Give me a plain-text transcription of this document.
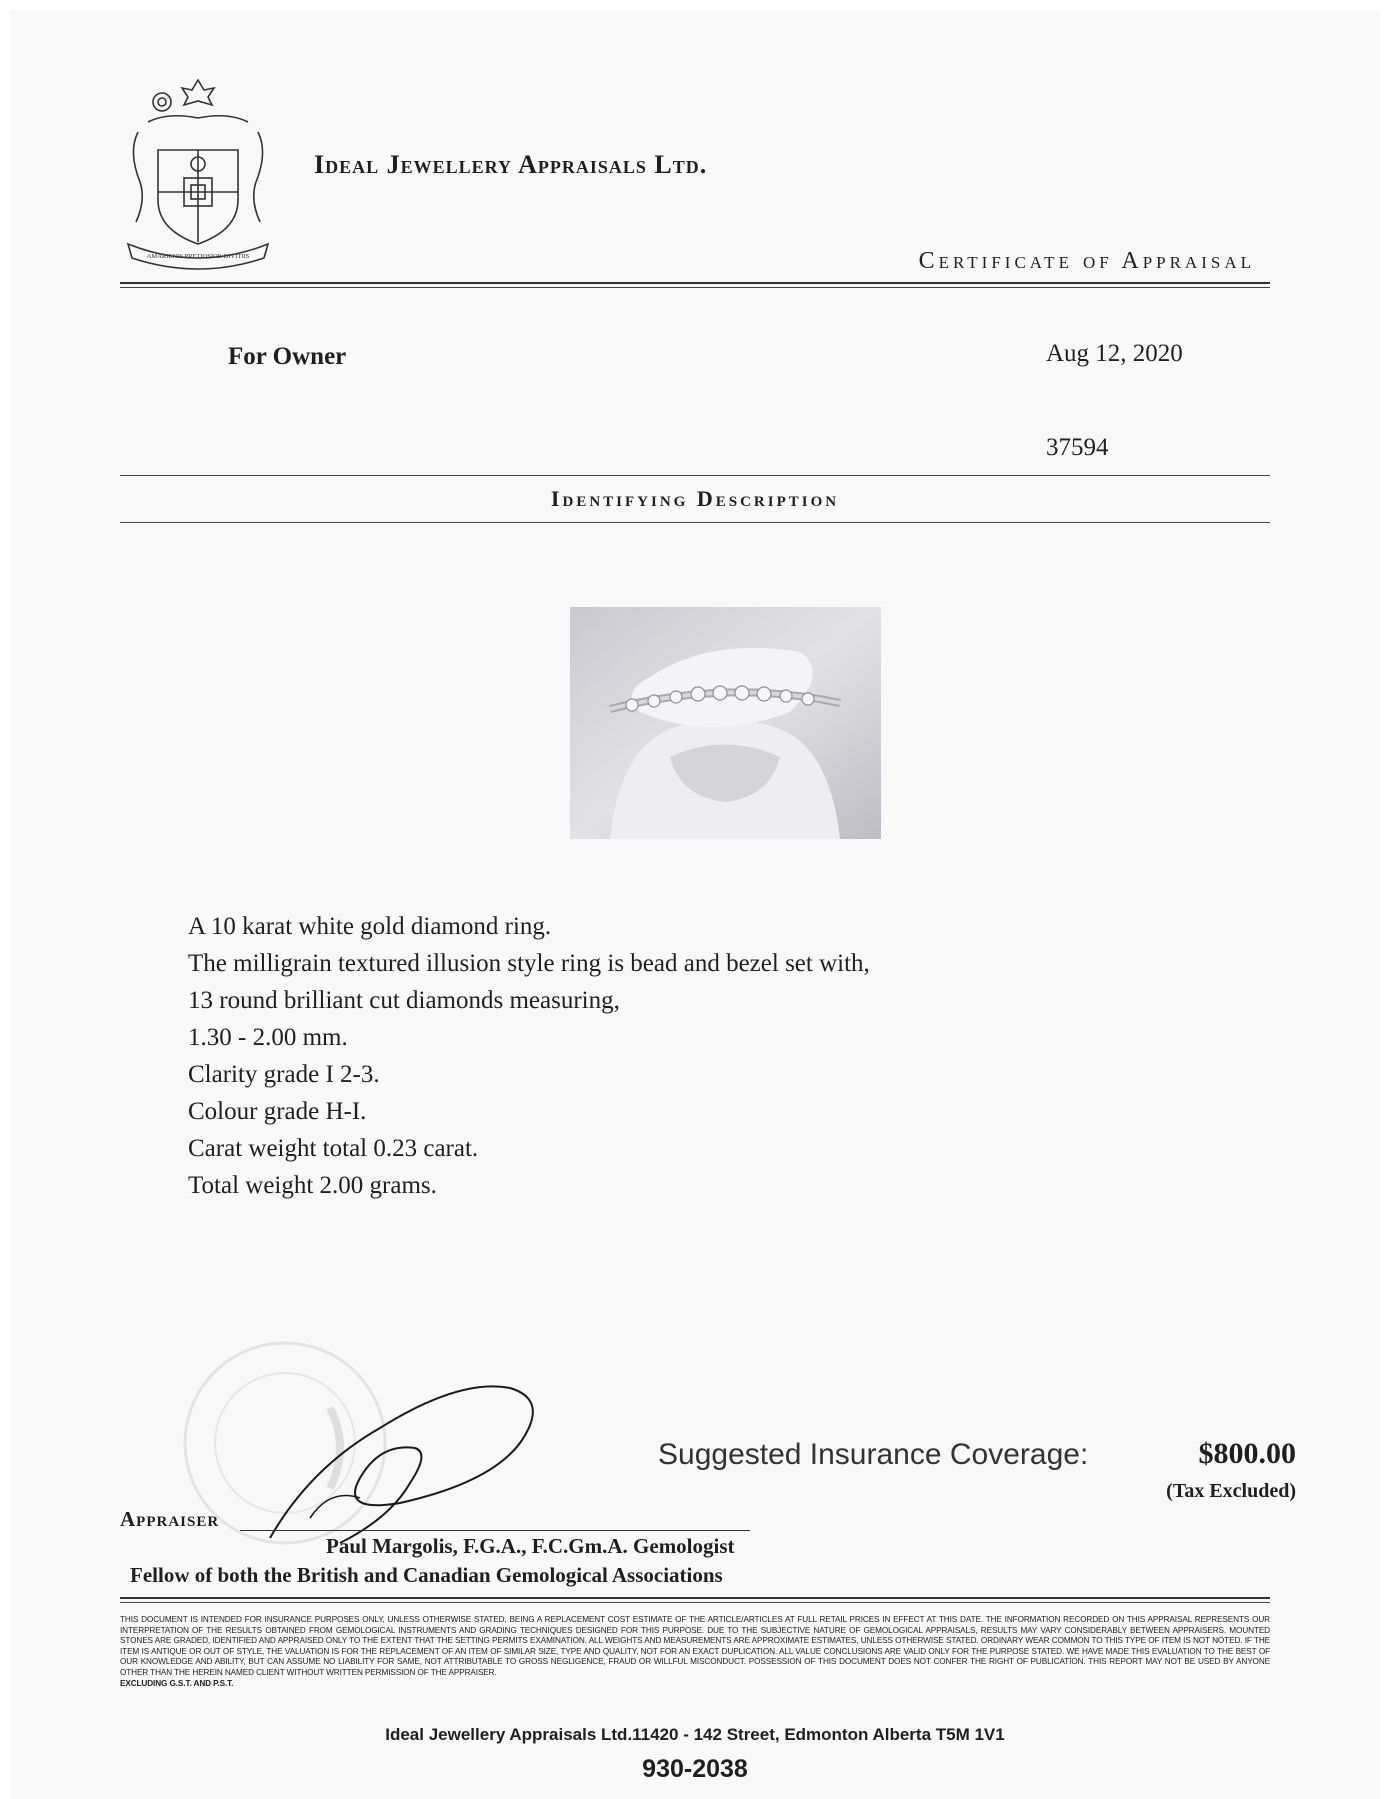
AMARIENIS PRETIOSIOR DIVITIIS
Ideal Jewellery Appraisals Ltd.
Certificate of Appraisal
For Owner	Aug 12, 2020
37594
Identifying Description
A 10 karat white gold diamond ring.
The milligrain textured illusion style ring is bead and bezel set with,
13 round brilliant cut diamonds measuring,
1.30 - 2.00 mm.
Clarity grade I 2-3.
Colour grade H-I.
Carat weight total 0.23 carat.
Total weight 2.00 grams.
Suggested Insurance Coverage:	$800.00
(Tax Excluded)
Appraiser
Paul Margolis, F.G.A., F.C.Gm.A. Gemologist
Fellow of both the British and Canadian Gemological Associations
THIS DOCUMENT IS INTENDED FOR INSURANCE PURPOSES ONLY, UNLESS OTHERWISE STATED, BEING A REPLACEMENT COST ESTIMATE OF THE ARTICLE/ARTICLES AT FULL RETAIL PRICES IN EFFECT AT THIS DATE. THE INFORMATION RECORDED ON THIS APPRAISAL REPRESENTS OUR INTERPRETATION OF THE RESULTS OBTAINED FROM GEMOLOGICAL INSTRUMENTS AND GRADING TECHNIQUES DESIGNED FOR THIS PURPOSE. DUE TO THE SUBJECTIVE NATURE OF GEMOLOGICAL APPRAISALS, RESULTS MAY VARY CONSIDERABLY BETWEEN APPRAISERS. MOUNTED STONES ARE GRADED, IDENTIFIED AND APPRAISED ONLY TO THE EXTENT THAT THE SETTING PERMITS EXAMINATION. ALL WEIGHTS AND MEASUREMENTS ARE APPROXIMATE ESTIMATES, UNLESS OTHERWISE STATED. ORDINARY WEAR COMMON TO THIS TYPE OF ITEM IS NOT NOTED. IF THE ITEM IS ANTIQUE OR OUT OF STYLE, THE VALUATION IS FOR THE REPLACEMENT OF AN ITEM OF SIMILAR SIZE, TYPE AND QUALITY, NOT FOR AN EXACT DUPLICATION. ALL VALUE CONCLUSIONS ARE VALID ONLY FOR THE PURPOSE STATED. WE HAVE MADE THIS EVALUATION TO THE BEST OF OUR KNOWLEDGE AND ABILITY, BUT CAN ASSUME NO LIABILITY FOR SAME, NOT ATTRIBUTABLE TO GROSS NEGLIGENCE, FRAUD OR WILLFUL MISCONDUCT. POSSESSION OF THIS DOCUMENT DOES NOT CONFER THE RIGHT OF PUBLICATION. THIS REPORT MAY NOT BE USED BY ANYONE OTHER THAN THE HEREIN NAMED CLIENT WITHOUT WRITTEN PERMISSION OF THE APPRAISER.
EXCLUDING G.S.T. AND P.S.T.
Ideal Jewellery Appraisals Ltd.11420 - 142 Street, Edmonton Alberta T5M 1V1
930-2038
